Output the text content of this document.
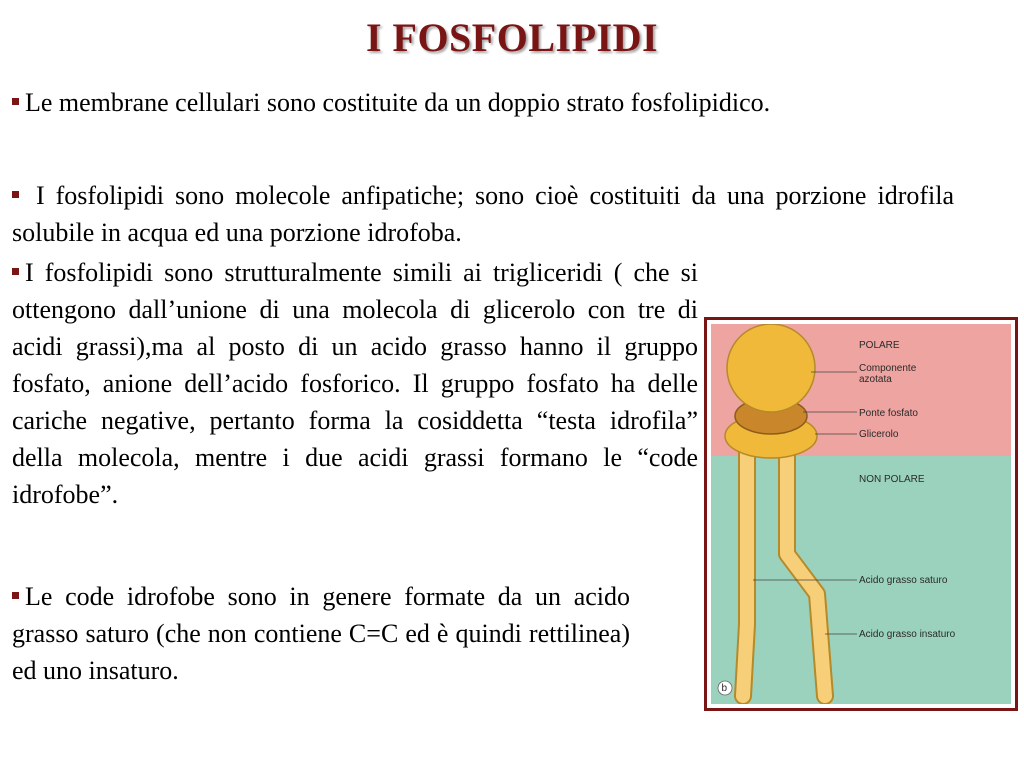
I FOSFOLIPIDI
Le membrane cellulari sono costituite da un doppio strato fosfolipidico.
I fosfolipidi sono molecole anfipatiche; sono cioè costituiti da una porzione idrofila solubile in acqua ed una porzione idrofoba.
I fosfolipidi sono strutturalmente simili ai trigliceridi ( che si ottengono dall’unione di una molecola di glicerolo con tre di acidi grassi),ma al posto di un acido grasso hanno il gruppo fosfato, anione dell’acido fosforico. Il gruppo fosfato ha delle cariche negative, pertanto forma la cosiddetta “testa idrofila” della molecola, mentre i due acidi grassi formano le “code idrofobe”.
Le code idrofobe sono in genere formate da un acido grasso saturo (che non contiene C=C ed è quindi rettilinea) ed uno insaturo.
POLARE
Componente
azotata
Ponte fosfato
Glicerolo
NON POLARE
Acido grasso saturo
Acido grasso insaturo
b
